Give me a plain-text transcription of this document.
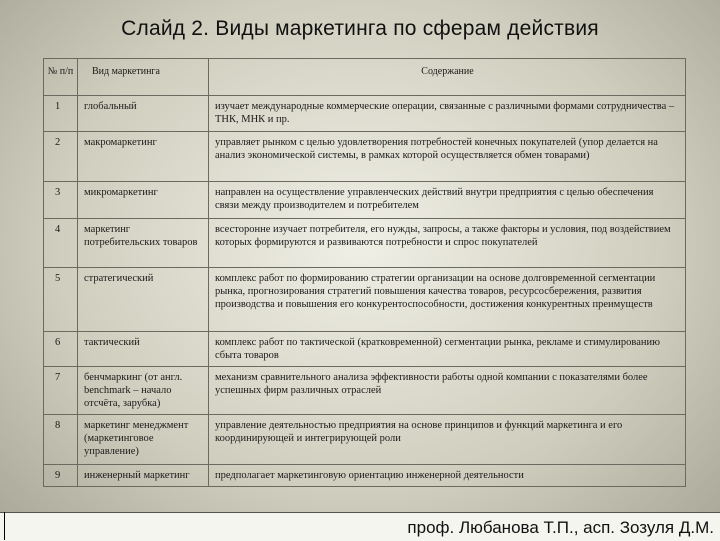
Слайд 2. Виды маркетинга по сферам действия
№ п/п	Вид маркетинга	Содержание
1	глобальный	изучает международные коммерческие операции, связанные с различными формами сотрудничества – ТНК, МНК и пр.
2	макромаркетинг	управляет рынком с целью удовлетворения потребностей конечных покупателей (упор делается на анализ экономической системы, в рамках которой осуществляется обмен товарами)
3	микромаркетинг	направлен на осуществление управленческих действий внутри предприятия с целью обеспечения связи между производителем и потребителем
4	маркетинг потребительских товаров	всесторонне изучает потребителя, его нужды, запросы, а также факторы и условия, под воздействием которых формируются и развиваются потребности и спрос покупателей
5	стратегический	комплекс работ по формированию стратегии организации на основе долговременной сегментации рынка, прогнозирования стратегий повышения качества товаров, ресурсосбережения, развития производства и повышения его конкурентоспособности, достижения конкурентных преимуществ
6	тактический	комплекс работ по тактической (кратковременной) сегментации рынка, рекламе и стимулированию сбыта товаров
7	бенчмаркинг (от англ. benchmark – начало отсчёта, зарубка)	механизм сравнительного анализа эффективности работы одной компании с показателями более успешных фирм различных отраслей
8	маркетинг менеджмент (маркетинговое управление)	управление деятельностью предприятия на основе принципов и функций маркетинга и его координирующей и интегрирующей роли
9	инженерный маркетинг	предполагает маркетинговую ориентацию инженерной деятельности
проф. Любанова Т.П., асп. Зозуля Д.М.
